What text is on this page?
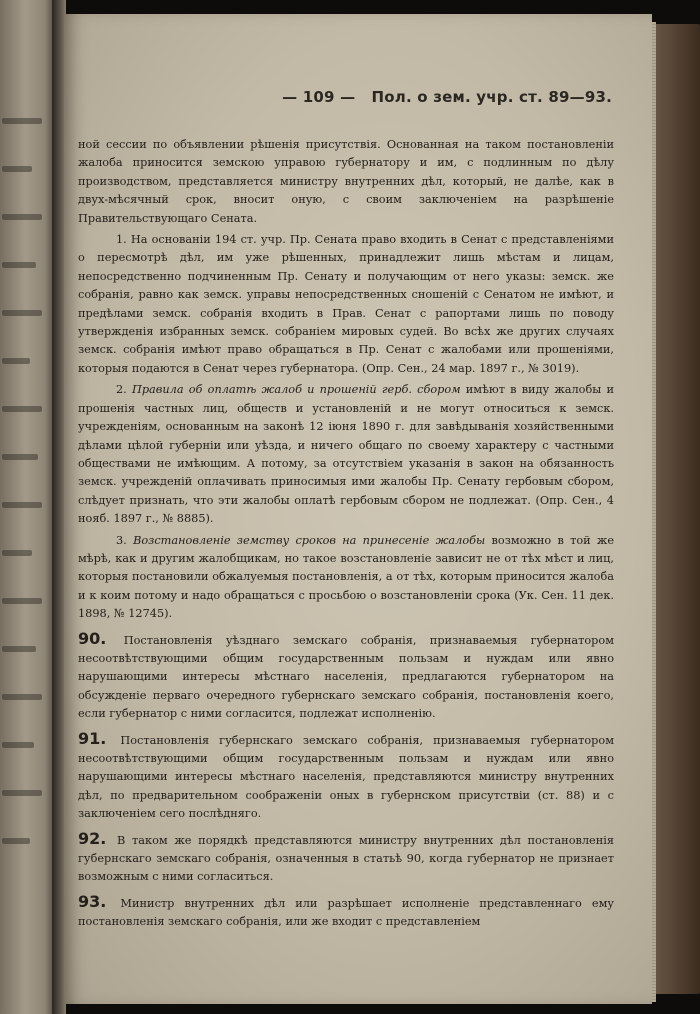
— 109 — Пол. о зем. учр. ст. 89—93.

ной сессии по объявлении рѣшенія присутствія. Основанная на таком постановленіи жалоба приносится земскою управою губернатору и им, с подлинным по дѣлу производством, представляется министру внутренних дѣл, который, не далѣе, как в двух-мѣсячный срок, вносит оную, с своим заключеніем на разрѣшеніе Правительствующаго Сената.

1. На основаніи 194 ст. учр. Пр. Сената право входить в Сенат с представленіями о пересмотрѣ дѣл, им уже рѣшенных, принадлежит лишь мѣстам и лицам, непосредственно подчиненным Пр. Сенату и получающим от него указы: земск. же собранія, равно как земск. управы непосредственных сношеній с Сенатом не имѣют, и предѣлами земск. собранія входить в Прав. Сенат с рапортами лишь по поводу утвержденія избранных земск. собраніем мировых судей. Во всѣх же других случаях земск. собранія имѣют право обращаться в Пр. Сенат с жалобами или прошеніями, которыя подаются в Сенат через губернатора. (Опр. Сен., 24 мар. 1897 г., № 3019).

2. Правила об оплатѣ жалоб и прошеній герб. сбором имѣют в виду жалобы и прошенія частных лиц, обществ и установленій и не могут относиться к земск. учрежденіям, основанным на законѣ 12 іюня 1890 г. для завѣдыванія хозяйственными дѣлами цѣлой губерніи или уѣзда, и ничего общаго по своему характеру с частными обществами не имѣющим. А потому, за отсутствіем указанія в закон на обязанность земск. учрежденій оплачивать приносимыя ими жалобы Пр. Сенату гербовым сбором, слѣдует признать, что эти жалобы оплатѣ гербовым сбором не подлежат. (Опр. Сен., 4 нояб. 1897 г., № 8885).

3. Возстановленіе земству сроков на принесеніе жалобы возможно в той же мѣрѣ, как и другим жалобщикам, но такое возстановленіе зависит не от тѣх мѣст и лиц, которыя постановили обжалуемыя постановленія, а от тѣх, которым приносится жалоба и к коим потому и надо обращаться с просьбою о возстановленіи срока (Ук. Сен. 11 дек. 1898, № 12745).

90. Постановленія уѣзднаго земскаго собранія, признаваемыя губернатором несоотвѣтствующими общим государственным пользам и нуждам или явно нарушающими интересы мѣстнаго населенія, предлагаются губернатором на обсужденіе перваго очередного губернскаго земскаго собранія, постановленія коего, если губернатор с ними согласится, подлежат исполненію.

91. Постановленія губернскаго земскаго собранія, признаваемыя губернатором несоотвѣтствующими общим государственным пользам и нуждам или явно нарушающими интересы мѣстнаго населенія, представляются министру внутренних дѣл, по предварительном соображеніи оных в губернском присутствіи (ст. 88) и с заключеніем сего послѣдняго.

92. В таком же порядкѣ представляются министру внутренних дѣл постановленія губернскаго земскаго собранія, означенныя в статьѣ 90, когда губернатор не признает возможным с ними согласиться.

93. Министр внутренних дѣл или разрѣшает исполненіе представленнаго ему постановленія земскаго собранія, или же входит с представленіем
